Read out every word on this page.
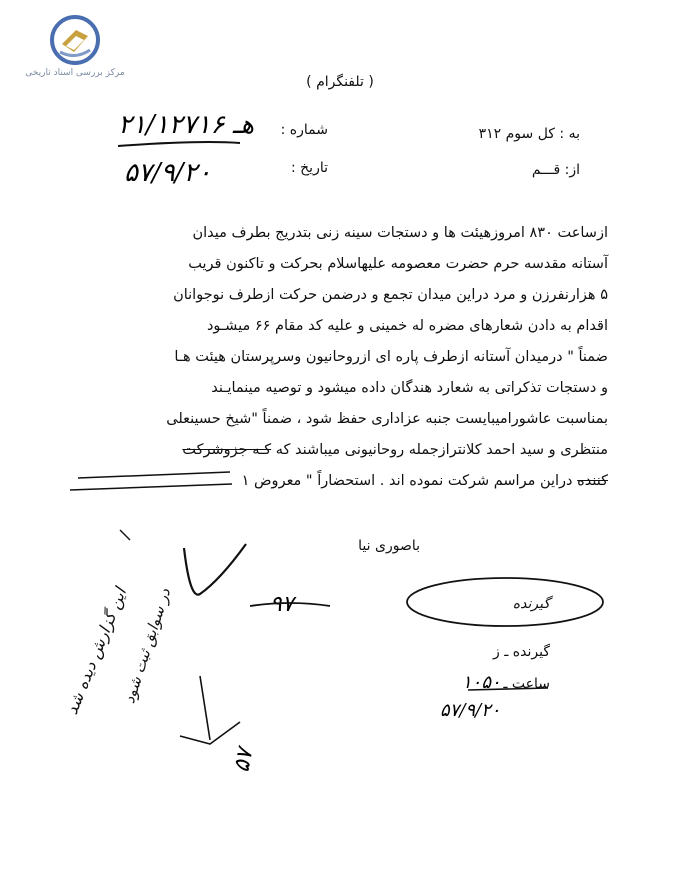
مرکز بررسی اسناد تاریخی
( تلفنگرام )
به : کل سوم ۳۱۲
از: قـــم
شماره :
۲۱/۱۲۷۱۶ هـ
تاریخ :
۵۷/۹/۲۰

ازساعت ۸۳۰ امروزهیئت ها و دستجات سینه زنی بتدریج بطرف میدان

آستانه مقدسه حرم حضرت معصومه علیهاسلام بحرکت و تاکنون قریب

۵ هزارنفرزن و مرد دراین میدان تجمع و درضمن حرکت ازطرف نوجوانان

اقدام به دادن شعارهای مضره له خمینی و علیه کد مقام ۶۶ میشـود

ضمناً " درمیدان آستانه ازطرف پاره ای ازروحانیون وسرپرستان هیئت هـا

و دستجات تذکراتی به شعارد هندگان داده میشود و توصیه مینمایـند

بمناسبت عاشورامیبایست جنبه عزاداری حفظ شود ، ضمناً "شیخ حسینعلی

منتظری و سید احمد کلانترازجمله روحانیونی میباشند که کـه جزوشرکت

کننده دراین مراسم شرکت نموده اند . استحضاراً " معروض ۱

باصوری نیا
گیرنده
گیرنده ـ ز
ساعت ـ
۱۰۵۰
۵۷/۹/۲۰
این گزارش دیده شد
در سوابق ثبت شود
۵۷
۹۷
